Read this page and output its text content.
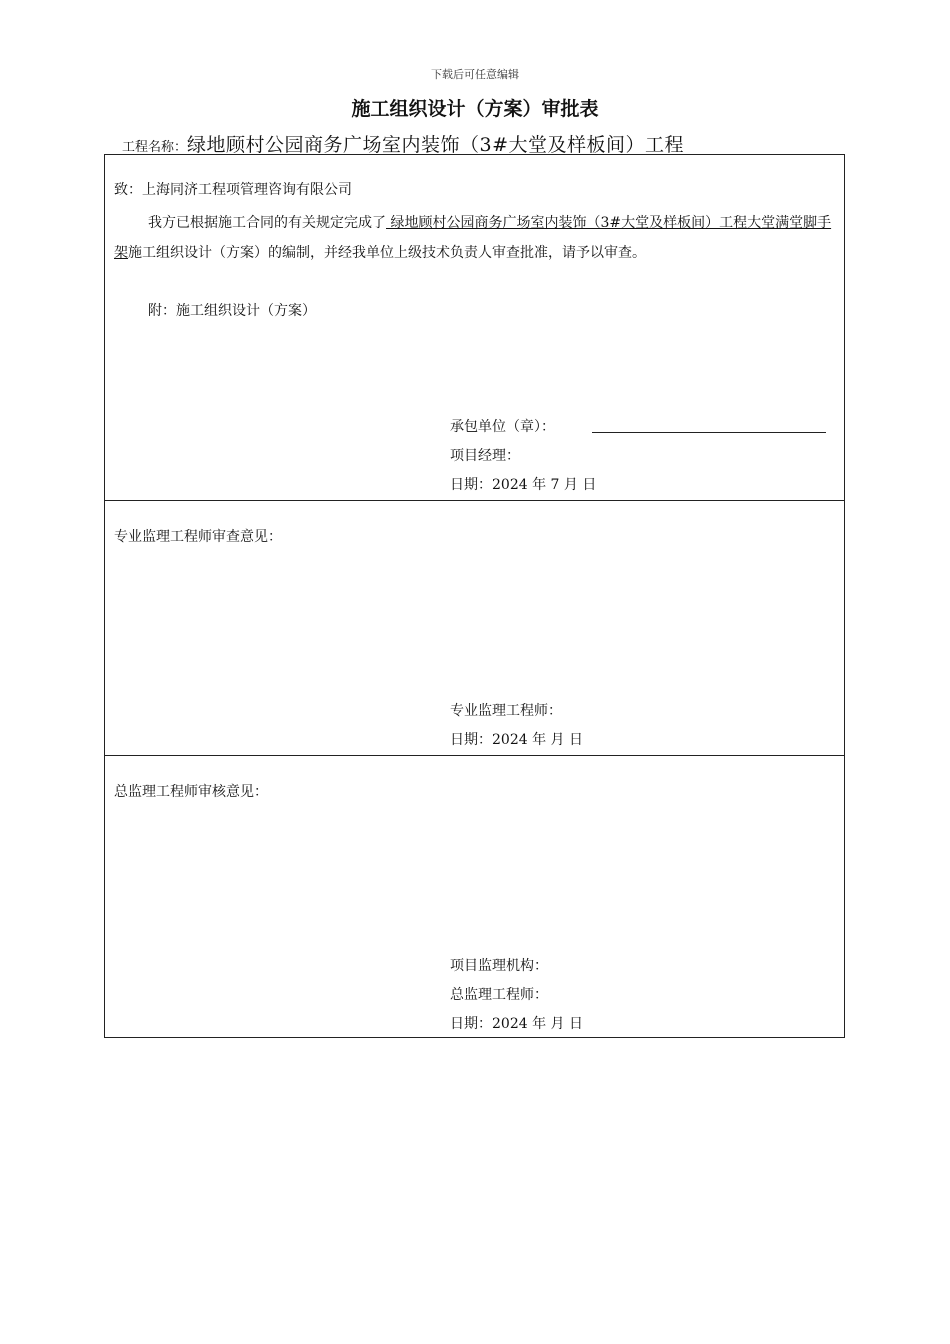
下载后可任意编辑
施工组织设计（方案）审批表
工程名称：绿地顾村公园商务广场室内装饰（3#大堂及样板间）工程
致：上海同济工程项管理咨询有限公司
我方已根据施工合同的有关规定完成了 绿地顾村公园商务广场室内装饰（3#大堂及样板间）工程大堂满堂脚手架施工组织设计（方案）的编制，并经我单位上级技术负责人审查批准，请予以审查。
附：施工组织设计（方案）
承包单位（章）：
项目经理：
日期：2024 年 7 月 日
专业监理工程师审查意见：
专业监理工程师：
日期：2024 年 月 日
总监理工程师审核意见：
项目监理机构：
总监理工程师：
日期：2024 年 月 日
